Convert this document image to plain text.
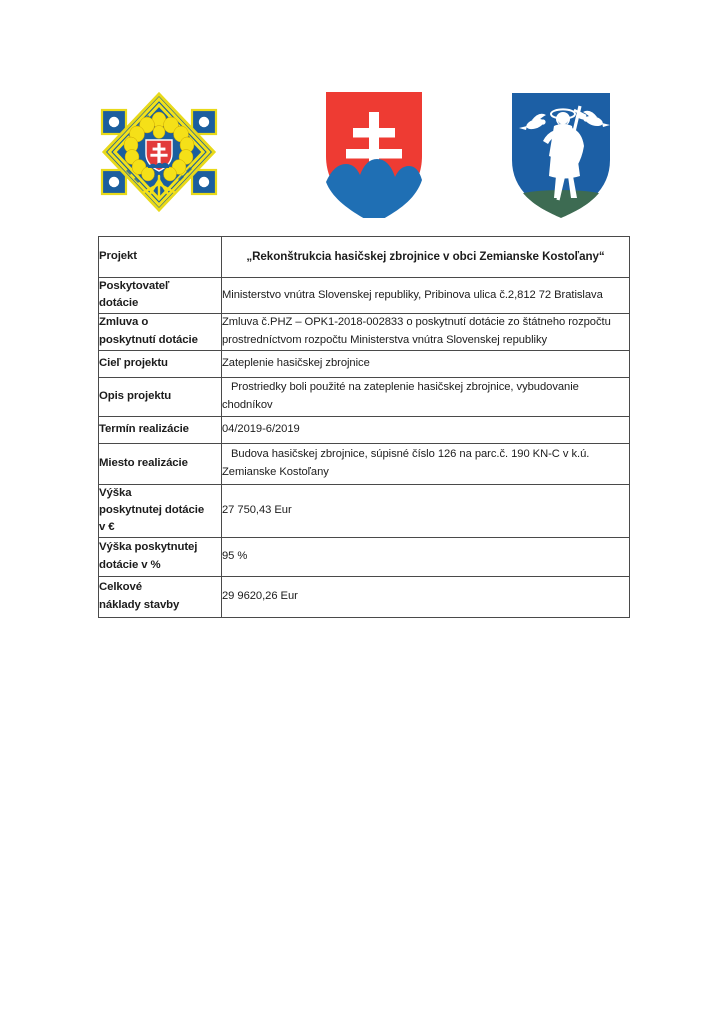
Projekt	„Rekonštrukcia hasičskej zbrojnice v obci Zemianske Kostoľany“

Poskytovateľ
dotácie	Ministerstvo vnútra Slovenskej republiky, Pribinova ulica č.2,812 72 Bratislava

Zmluva o
poskytnutí dotácie	Zmluva č.PHZ – OPK1-2018-002833 o poskytnutí dotácie zo štátneho rozpočtu
prostredníctvom rozpočtu Ministerstva vnútra Slovenskej republiky

Cieľ projektu	Zateplenie hasičskej zbrojnice

Opis projektu	Prostriedky boli použité na zateplenie hasičskej zbrojnice, vybudovanie
chodníkov

Termín realizácie	04/2019-6/2019

Miesto realizácie	Budova hasičskej zbrojnice, súpisné číslo 126 na parc.č. 190 KN-C v k.ú.
Zemianske Kostoľany

Výška
poskytnutej dotácie
v €	27 750,43 Eur

Výška poskytnutej
dotácie v %	95 %

Celkové
náklady stavby	29 9620,26 Eur
